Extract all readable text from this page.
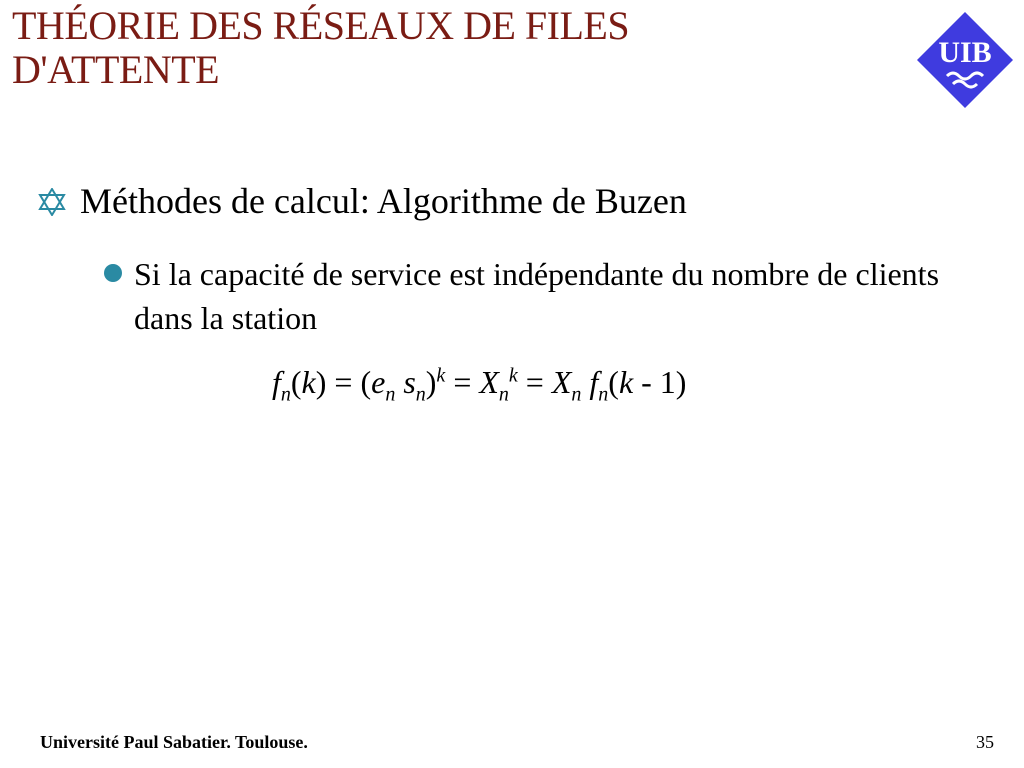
THÉORIE DES RÉSEAUX DE FILES
D'ATTENTE	UIB
Méthodes de calcul: Algorithme de Buzen
Si la capacité de service est indépendante du nombre de clients dans la station
$f_n(k) = (e_n$ $s_n)^k = X_n^k = X_n$ $f_n(k - 1)$
Université Paul Sabatier. Toulouse.	35
